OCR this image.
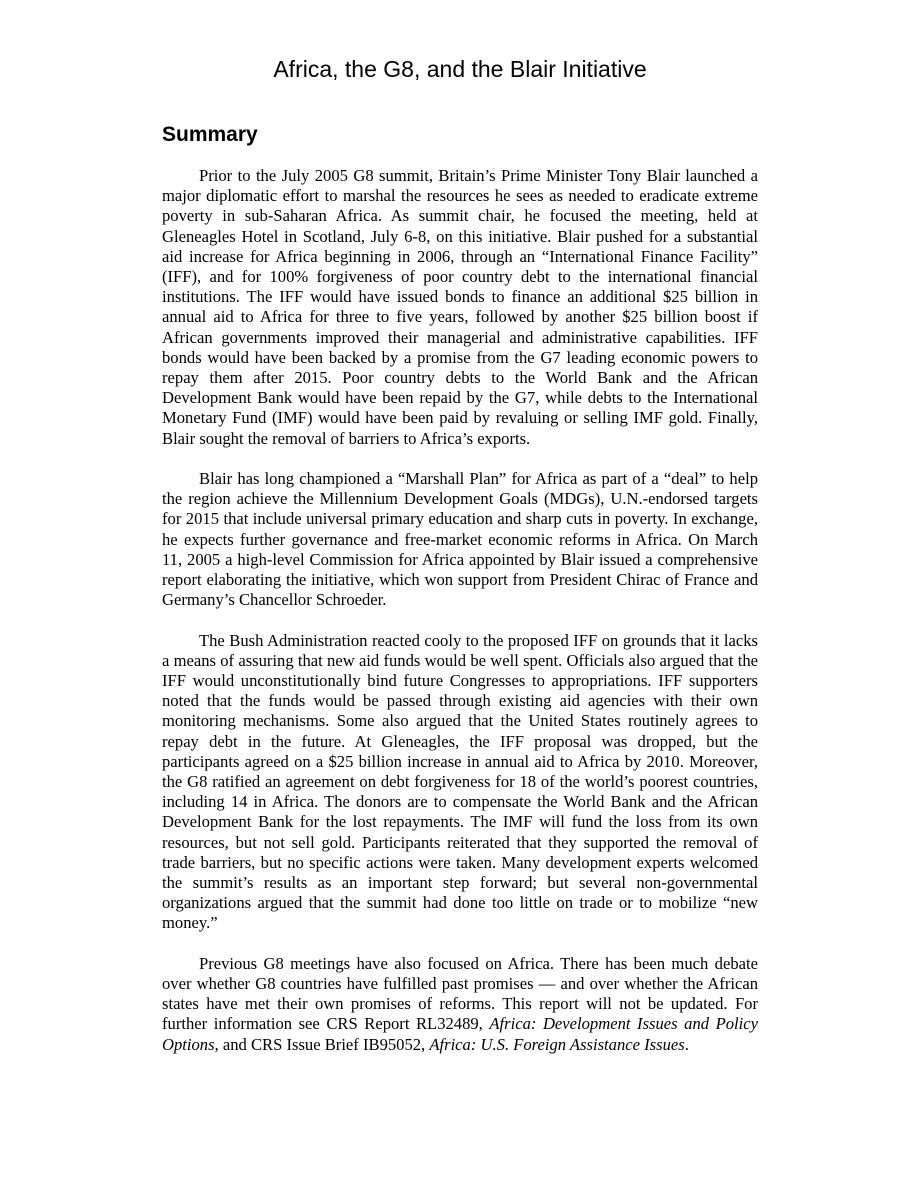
Africa, the G8, and the Blair Initiative
Summary

Prior to the July 2005 G8 summit, Britain’s Prime Minister Tony Blair launched a major diplomatic effort to marshal the resources he sees as needed to eradicate extreme poverty in sub-Saharan Africa. As summit chair, he focused the meeting, held at Gleneagles Hotel in Scotland, July 6-8, on this initiative. Blair pushed for a substantial aid increase for Africa beginning in 2006, through an “International Finance Facility” (IFF), and for 100% forgiveness of poor country debt to the international financial institutions. The IFF would have issued bonds to finance an additional $25 billion in annual aid to Africa for three to five years, followed by another $25 billion boost if African governments improved their managerial and administrative capabilities. IFF bonds would have been backed by a promise from the G7 leading economic powers to repay them after 2015. Poor country debts to the World Bank and the African Development Bank would have been repaid by the G7, while debts to the International Monetary Fund (IMF) would have been paid by revaluing or selling IMF gold. Finally, Blair sought the removal of barriers to Africa’s exports.

Blair has long championed a “Marshall Plan” for Africa as part of a “deal” to help the region achieve the Millennium Development Goals (MDGs), U.N.-endorsed targets for 2015 that include universal primary education and sharp cuts in poverty. In exchange, he expects further governance and free-market economic reforms in Africa. On March 11, 2005 a high-level Commission for Africa appointed by Blair issued a comprehensive report elaborating the initiative, which won support from President Chirac of France and Germany’s Chancellor Schroeder.

The Bush Administration reacted cooly to the proposed IFF on grounds that it lacks a means of assuring that new aid funds would be well spent. Officials also argued that the IFF would unconstitutionally bind future Congresses to appropriations. IFF supporters noted that the funds would be passed through existing aid agencies with their own monitoring mechanisms. Some also argued that the United States routinely agrees to repay debt in the future. At Gleneagles, the IFF proposal was dropped, but the participants agreed on a $25 billion increase in annual aid to Africa by 2010. Moreover, the G8 ratified an agreement on debt forgiveness for 18 of the world’s poorest countries, including 14 in Africa. The donors are to compensate the World Bank and the African Development Bank for the lost repayments. The IMF will fund the loss from its own resources, but not sell gold. Participants reiterated that they supported the removal of trade barriers, but no specific actions were taken. Many development experts welcomed the summit’s results as an important step forward; but several non-governmental organizations argued that the summit had done too little on trade or to mobilize “new money.”

Previous G8 meetings have also focused on Africa. There has been much debate over whether G8 countries have fulfilled past promises — and over whether the African states have met their own promises of reforms. This report will not be updated. For further information see CRS Report RL32489, Africa: Development Issues and Policy Options, and CRS Issue Brief IB95052, Africa: U.S. Foreign Assistance Issues.
